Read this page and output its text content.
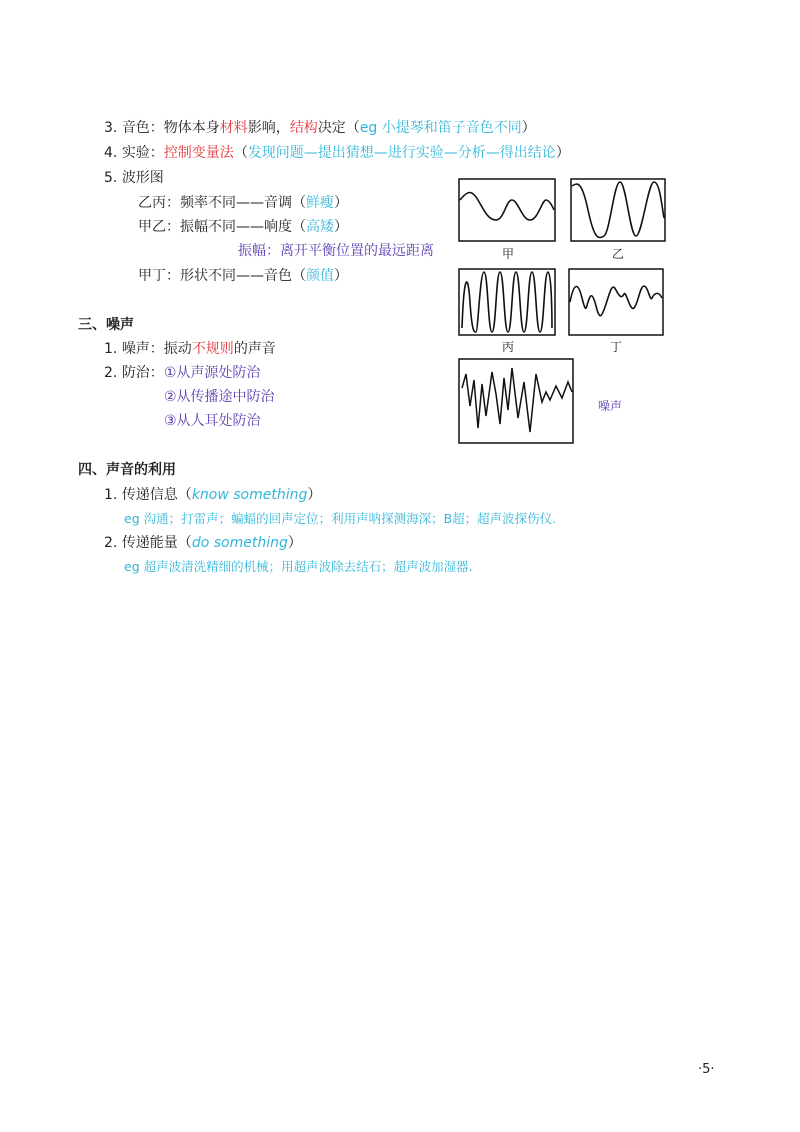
3. 音色：物体本身材料影响，结构决定（eg 小提琴和笛子音色不同）
4. 实验：控制变量法（发现问题—提出猜想—进行实验—分析—得出结论）
5. 波形图
乙丙：频率不同——音调（鲜瘦）
甲乙：振幅不同——响度（高矮）
振幅：离开平衡位置的最远距离
甲丁：形状不同——音色（颜值）
三、噪声
1. 噪声：振动不规则的声音
2. 防治：①从声源处防治
②从传播途中防治
③从人耳处防治
四、声音的利用
1. 传递信息（know something）
eg 沟通；打雷声；蝙蝠的回声定位；利用声呐探测海深；B超；超声波探伤仪.
2. 传递能量（do something）
eg 超声波清洗精细的机械；用超声波除去结石；超声波加湿器.
甲	乙
丙	丁
噪声
·5·
